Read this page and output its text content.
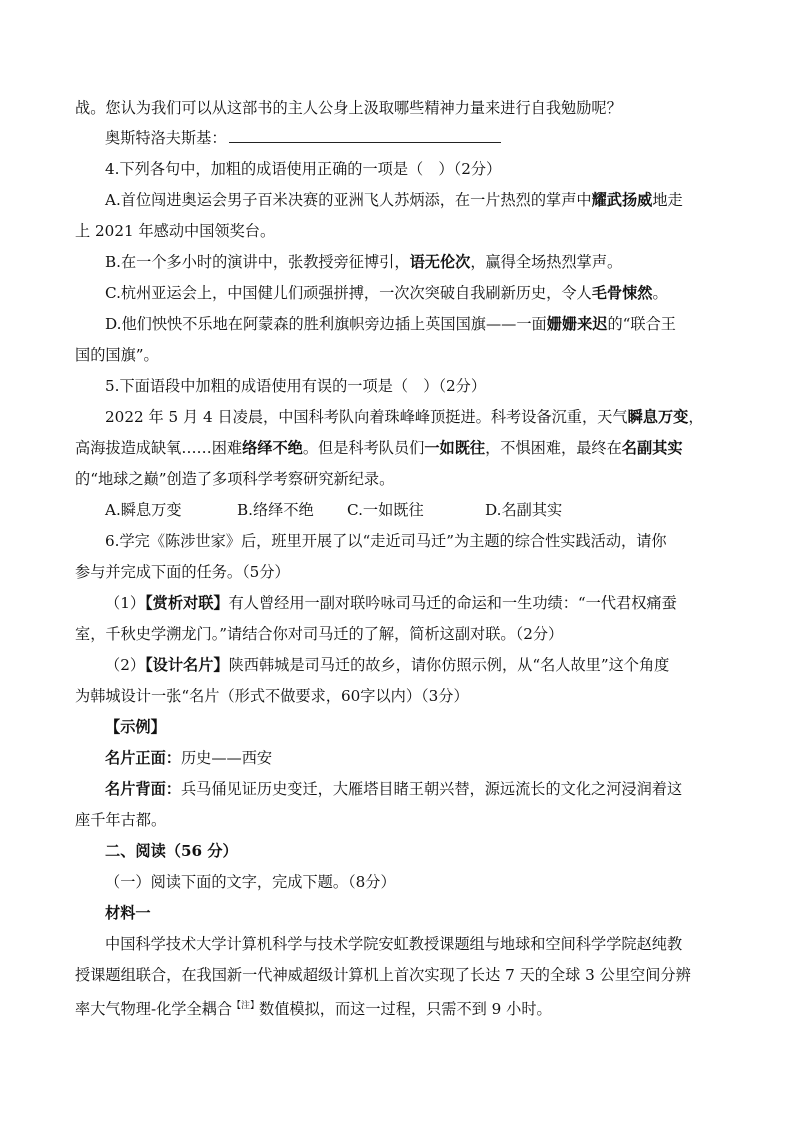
战。您认为我们可以从这部书的主人公身上汲取哪些精神力量来进行自我勉励呢？
奥斯特洛夫斯基：
4.下列各句中，加粗的成语使用正确的一项是（　）（2分）
A.首位闯进奥运会男子百米决赛的亚洲飞人苏炳添，在一片热烈的掌声中耀武扬威地走
上 2021 年感动中国领奖台。
B.在一个多小时的演讲中，张教授旁征博引，语无伦次，赢得全场热烈掌声。
C.杭州亚运会上，中国健儿们顽强拼搏，一次次突破自我刷新历史，令人毛骨悚然。
D.他们怏怏不乐地在阿蒙森的胜利旗帜旁边插上英国国旗——一面姗姗来迟的“联合王
国的国旗”。
5.下面语段中加粗的成语使用有误的一项是（　）（2分）
2022 年 5 月 4 日凌晨，中国科考队向着珠峰峰顶挺进。科考设备沉重，天气瞬息万变，
高海拔造成缺氧……困难络绎不绝。但是科考队员们一如既往，不惧困难，最终在名副其实
的“地球之巅”创造了多项科学考察研究新纪录。
A.瞬息万变	B.络绎不绝 C.一如既往	D.名副其实
6.学完《陈涉世家》后，班里开展了以“走近司马迁”为主题的综合性实践活动，请你
参与并完成下面的任务。（5分）
（1）【赏析对联】有人曾经用一副对联吟咏司马迁的命运和一生功绩：“一代君权痛蚕
室，千秋史学溯龙门。”请结合你对司马迁的了解，简析这副对联。（2分）
（2）【设计名片】陕西韩城是司马迁的故乡，请你仿照示例，从“名人故里”这个角度
为韩城设计一张“名片（形式不做要求，60字以内）（3分）
【示例】
名片正面：历史——西安
名片背面：兵马俑见证历史变迁，大雁塔目睹王朝兴替，源远流长的文化之河浸润着这
座千年古都。
二、阅读（56 分）
（一）阅读下面的文字，完成下题。（8分）
材料一
中国科学技术大学计算机科学与技术学院安虹教授课题组与地球和空间科学学院赵纯教
授课题组联合，在我国新一代神威超级计算机上首次实现了长达 7 天的全球 3 公里空间分辨
率大气物理-化学全耦合$^{【注】}$数值模拟，而这一过程，只需不到 9 小时。
